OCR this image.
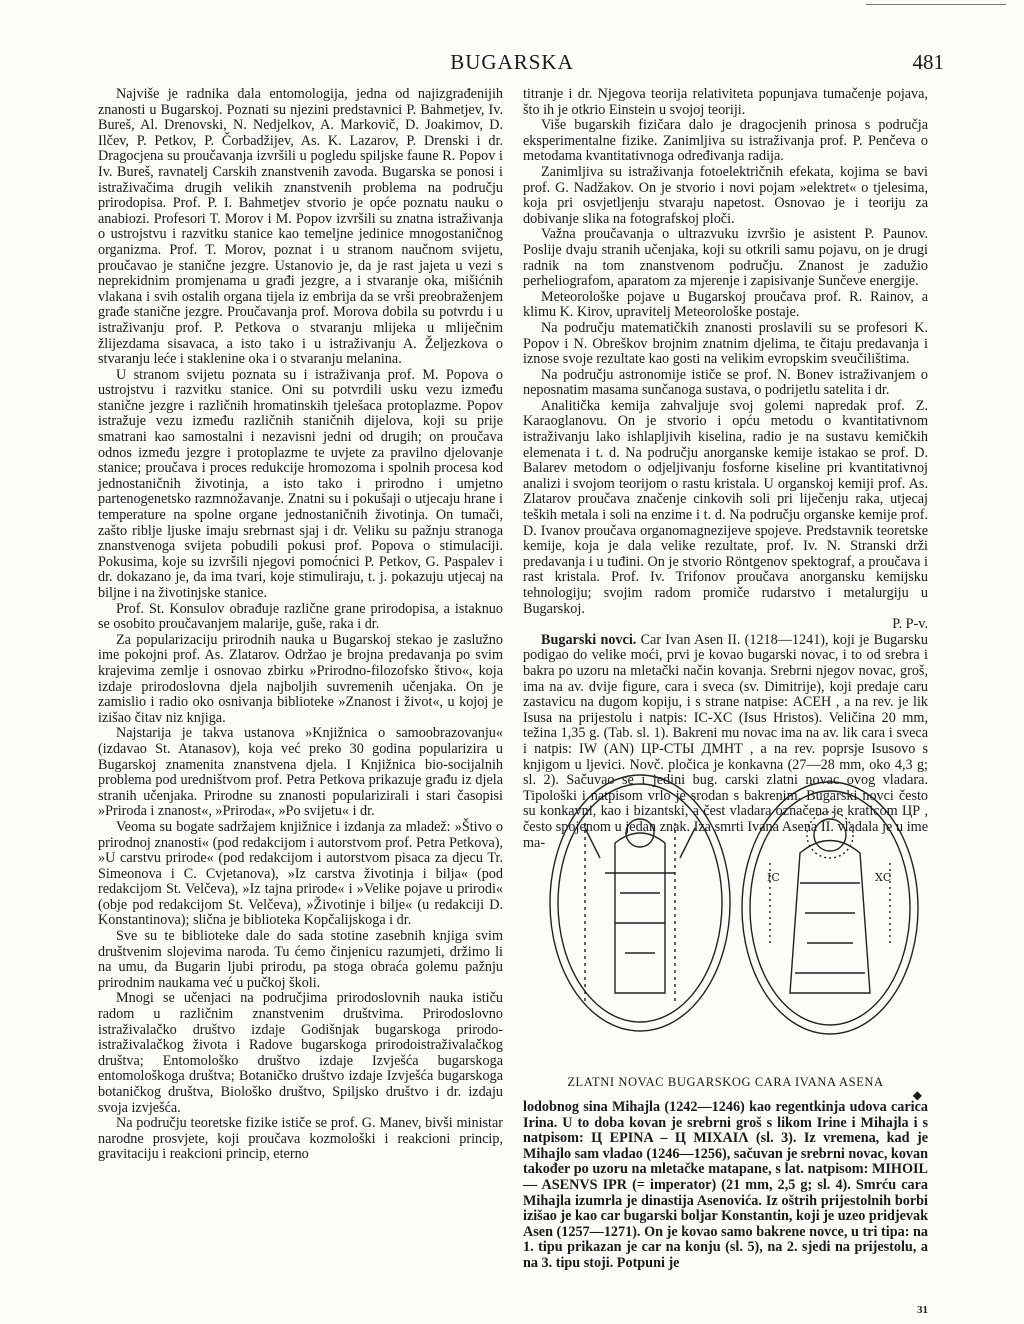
BUGARSKA	481

Najviše je radnika dala entomologija, jedna od najizgrađenijih znanosti u Bugarskoj. Poznati su njezini predstavnici P. Bahmetjev, Iv. Bureš, Al. Drenovski, N. Nedjelkov, A. Markovič, D. Joakimov, D. Ilčev, P. Petkov, P. Čorbadžijev, As. K. Lazarov, P. Drenski i dr. Dragocjena su proučavanja izvršili u pogledu spiljske faune R. Popov i Iv. Bureš, ravnatelj Carskih znanstvenih zavoda. Bugarska se ponosi i istraživačima drugih velikih znanstvenih problema na području prirodopisa. Prof. P. I. Bahmetjev stvorio je opće poznatu nauku o anabiozi. Profesori T. Morov i M. Popov izvršili su znatna istraživanja o ustrojstvu i razvitku stanice kao temeljne jedinice mnogostaničnog organizma. Prof. T. Morov, poznat i u stranom naučnom svijetu, proučavao je stanične jezgre. Ustanovio je, da je rast jajeta u vezi s neprekidnim promjenama u građi jezgre, a i stvaranje oka, mišićnih vlakana i svih ostalih organa tijela iz embrija da se vrši preobraženjem građe stanične jezgre. Proučavanja prof. Morova dobila su potvrdu i u istraživanju prof. P. Petkova o stvaranju mlijeka u mliječnim žlijezdama sisavaca, a isto tako i u istraživanju A. Željezkova o stvaranju leće i staklenine oka i o stvaranju melanina.

U stranom svijetu poznata su i istraživanja prof. M. Popova o ustrojstvu i razvitku stanice. Oni su potvrdili usku vezu između stanične jezgre i različnih hromatinskih tjelešaca protoplazme. Popov istražuje vezu između različnih staničnih dijelova, koji su prije smatrani kao samostalni i nezavisni jedni od drugih; on proučava odnos između jezgre i protoplazme te uvjete za pravilno djelovanje stanice; proučava i proces redukcije hromozoma i spolnih procesa kod jednostaničnih životinja, a isto tako i prirodno i umjetno partenogenetsko razmnožavanje. Znatni su i pokušaji o utjecaju hrane i temperature na spolne organe jednostaničnih životinja. On tumači, zašto riblje ljuske imaju srebrnast sjaj i dr. Veliku su pažnju stranoga znanstvenoga svijeta pobudili pokusi prof. Popova o stimulaciji. Pokusima, koje su izvršili njegovi pomoćnici P. Petkov, G. Paspalev i dr. dokazano je, da ima tvari, koje stimuliraju, t. j. pokazuju utjecaj na biljne i na životinjske stanice.

Prof. St. Konsulov obrađuje različne grane prirodopisa, a istaknuo se osobito proučavanjem malarije, guše, raka i dr.

Za popularizaciju prirodnih nauka u Bugarskoj stekao je zaslužno ime pokojni prof. As. Zlatarov. Održao je brojna predavanja po svim krajevima zemlje i osnovao zbirku »Prirodno-filozofsko štivo«, koja izdaje prirodoslovna djela najboljih suvremenih učenjaka. On je zamislio i radio oko osnivanja biblioteke »Znanost i život«, u kojoj je izišao čitav niz knjiga.

Najstarija je takva ustanova »Knjižnica o samoobrazovanju« (izdavao St. Atanasov), koja već preko 30 godina popularizira u Bugarskoj znamenita znanstvena djela. I Knjižnica bio-socijalnih problema pod uredništvom prof. Petra Petkova prikazuje građu iz djela stranih učenjaka. Prirodne su znanosti popularizirali i stari časopisi »Priroda i znanost«, »Priroda«, »Po svijetu« i dr.

Veoma su bogate sadržajem knjižnice i izdanja za mladež: »Štivo o prirodnoj znanosti« (pod redakcijom i autorstvom prof. Petra Petkova), »U carstvu prirode« (pod redakcijom i autorstvom pisaca za djecu Tr. Simeonova i C. Cvjetanova), »Iz carstva životinja i bilja« (pod redakcijom St. Velčeva), »Iz tajna prirode« i »Velike pojave u prirodi« (obje pod redakcijom St. Velčeva), »Životinje i bilje« (u redakciji D. Konstantinova); slična je biblioteka Kopčalijskoga i dr.

Sve su te biblioteke dale do sada stotine zasebnih knjiga svim društvenim slojevima naroda. Tu ćemo činjenicu razumjeti, držimo li na umu, da Bugarin ljubi prirodu, pa stoga obraća golemu pažnju prirodnim naukama već u pučkoj školi.

Mnogi se učenjaci na područjima prirodoslovnih nauka ističu radom u različnim znanstvenim društvima. Prirodoslovno istraživalačko društvo izdaje Godišnjak bugarskoga prirodo-istraživalačkog života i Radove bugarskoga prirodoistraživalačkog društva; Entomološko društvo izdaje Izvješća bugarskoga entomološkoga društva; Botaničko društvo izdaje Izvješća bugarskoga botaničkog društva, Biološko društvo, Spiljsko društvo i dr. izdaju svoja izvješća.

Na području teoretske fizike ističe se prof. G. Manev, bivši ministar narodne prosvjete, koji proučava kozmološki i reakcioni princip, gravitaciju i reakcioni princip, eterno

titranje i dr. Njegova teorija relativiteta popunjava tumačenje pojava, što ih je otkrio Einstein u svojoj teoriji.

Više bugarskih fizičara dalo je dragocjenih prinosa s područja eksperimentalne fizike. Zanimljiva su istraživanja prof. P. Penčeva o metodama kvantitativnoga određivanja radija.

Zanimljiva su istraživanja fotoelektričnih efekata, kojima se bavi prof. G. Nadžakov. On je stvorio i novi pojam »elektret« o tjelesima, koja pri osvjetljenju stvaraju napetost. Osnovao je i teoriju za dobivanje slika na fotografskoj ploči.

Važna proučavanja o ultrazvuku izvršio je asistent P. Paunov. Poslije dvaju stranih učenjaka, koji su otkrili samu pojavu, on je drugi radnik na tom znanstvenom području. Znanost je zadužio perheliografom, aparatom za mjerenje i zapisivanje Sunčeve energije.

Meteorološke pojave u Bugarskoj proučava prof. R. Rainov, a klimu K. Kirov, upravitelj Meteorološke postaje.

Na području matematičkih znanosti proslavili su se profesori K. Popov i N. Obreškov brojnim znatnim djelima, te čitaju predavanja i iznose svoje rezultate kao gosti na velikim evropskim sveučilištima.

Na području astronomije ističe se prof. N. Bonev istraživanjem o neposnatim masama sunčanoga sustava, o podrijetlu satelita i dr.

Analitička kemija zahvaljuje svoj golemi napredak prof. Z. Karaoglanovu. On je stvorio i opću metodu o kvantitativnom istraživanju lako ishlapljivih kiselina, radio je na sustavu kemičkih elemenata i t. d. Na području anorganske kemije istakao se prof. D. Balarev metodom o odjeljivanju fosforne kiseline pri kvantitativnoj analizi i svojom teorijom o rastu kristala. U organskoj kemiji prof. As. Zlatarov proučava značenje cinkovih soli pri liječenju raka, utjecaj teških metala i soli na enzime i t. d. Na području organske kemije prof. D. Ivanov proučava organomagnezijeve spojeve. Predstavnik teoretske kemije, koja je dala velike rezultate, prof. Iv. N. Stranski drži predavanja i u tuđini. On je stvorio Röntgenov spektograf, a proučava i rast kristala. Prof. Iv. Trifonov proučava anorgansku kemijsku tehnologiju; svojim radom promiče rudarstvo i metalurgiju u Bugarskoj.

P. P-v.

Bugarski novci. Car Ivan Asen II. (1218—1241), koji je Bugarsku podigao do velike moći, prvi je kovao bugarski novac, i to od srebra i bakra po uzoru na mletački način kovanja. Srebrni njegov novac, groš, ima na av. dvije figure, cara i sveca (sv. Dimitrije), koji predaje caru zastavicu na dugom kopiju, i s strane natpise: ΑCΕΗ , a na rev. je lik Isusa na prijestolu i natpis: IC-XC (Isus Hristos). Veličina 20 mm, težina 1,35 g. (Tab. sl. 1). Bakreni mu novac ima na av. lik cara i sveca i natpis: IW (ΑΝ) ЦΡ-СТЫ ДМΗТ , a na rev. poprsje Isusovo s knjigom u ljevici. Novč. pločica je konkavna (27—28 mm, oko 4,3 g; sl. 2). Sačuvao se i jedini bug. carski zlatni novac ovog vladara. Tipološki i natpisom vrlo je srodan s bakrenim. Bugarski novci često su konkavni, kao i bizantski, a čest vladara označena je kraticom ЦΡ , često spojenom u jedan znak. Iza smrti Ivana Asena II. vladala je u ime ma-

ΙC	ΧC
ZLATNI NOVAC BUGARSKOG CARA IVANA ASENA
◆

lodobnog sina Mihajla (1242—1246) kao regentkinja udova carica Irina. U to doba kovan je srebrni groš s likom Irine i Mihajla i s natpisom: Ц ΕΡΙΝΑ – Ц ΜΙΧΑΙΛ (sl. 3). Iz vremena, kad je Mihajlo sam vladao (1246—1256), sačuvan je srebrni novac, kovan također po uzoru na mletačke matapane, s lat. natpisom: MIHOIL — ASENVS IPR (= imperator) (21 mm, 2,5 g; sl. 4). Smrću cara Mihajla izumrla je dinastija Asenovića. Iz oštrih prijestolnih borbi izišao je kao car bugarski boljar Konstantin, koji je uzeo pridjevak Asen (1257—1271). On je kovao samo bakrene novce, u tri tipa: na 1. tipu prikazan je car na konju (sl. 5), na 2. sjedi na prijestolu, a na 3. tipu stoji. Potpuni je

31
